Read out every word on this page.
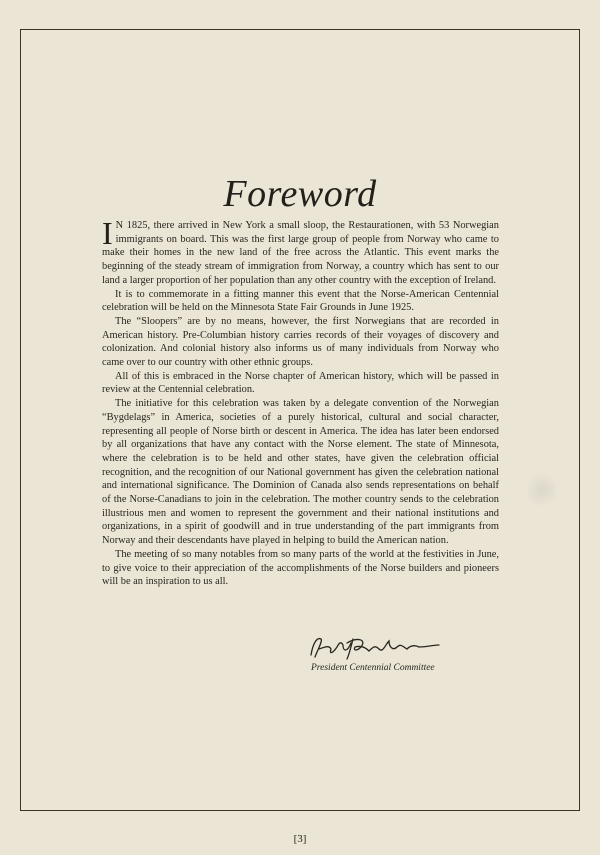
Foreword

I N 1825, there arrived in New York a small sloop, the Restaurationen, with 53 Norwegian immigrants on board. This was the first large group of people from Norway who came to make their homes in the new land of the free across the Atlantic. This event marks the beginning of the steady stream of immigration from Norway, a country which has sent to our land a larger proportion of her population than any other country with the exception of Ireland.

It is to commemorate in a fitting manner this event that the Norse-American Centennial celebration will be held on the Minnesota State Fair Grounds in June 1925.

The “Sloopers” are by no means, however, the first Norwegians that are recorded in American history. Pre-Columbian history carries records of their voyages of discovery and colonization. And colonial history also informs us of many individuals from Norway who came over to our country with other ethnic groups.

All of this is embraced in the Norse chapter of American history, which will be passed in review at the Centennial celebration.

The initiative for this celebration was taken by a delegate convention of the Norwegian “Bygdelags” in America, societies of a purely historical, cultural and social character, representing all people of Norse birth or descent in America. The idea has later been endorsed by all organizations that have any contact with the Norse element. The state of Minnesota, where the celebration is to be held and other states, have given the celebration official recognition, and the recognition of our National government has given the celebration national and international significance. The Dominion of Canada also sends representations on behalf of the Norse-Canadians to join in the celebration. The mother country sends to the celebration illustrious men and women to represent the government and their national institutions and organizations, in a spirit of goodwill and in true understanding of the part immigrants from Norway and their descendants have played in helping to build the American nation.

The meeting of so many notables from so many parts of the world at the festivities in June, to give voice to their appreciation of the accomplishments of the Norse builders and pioneers will be an inspiration to us all.

President Centennial Committee
[3]
